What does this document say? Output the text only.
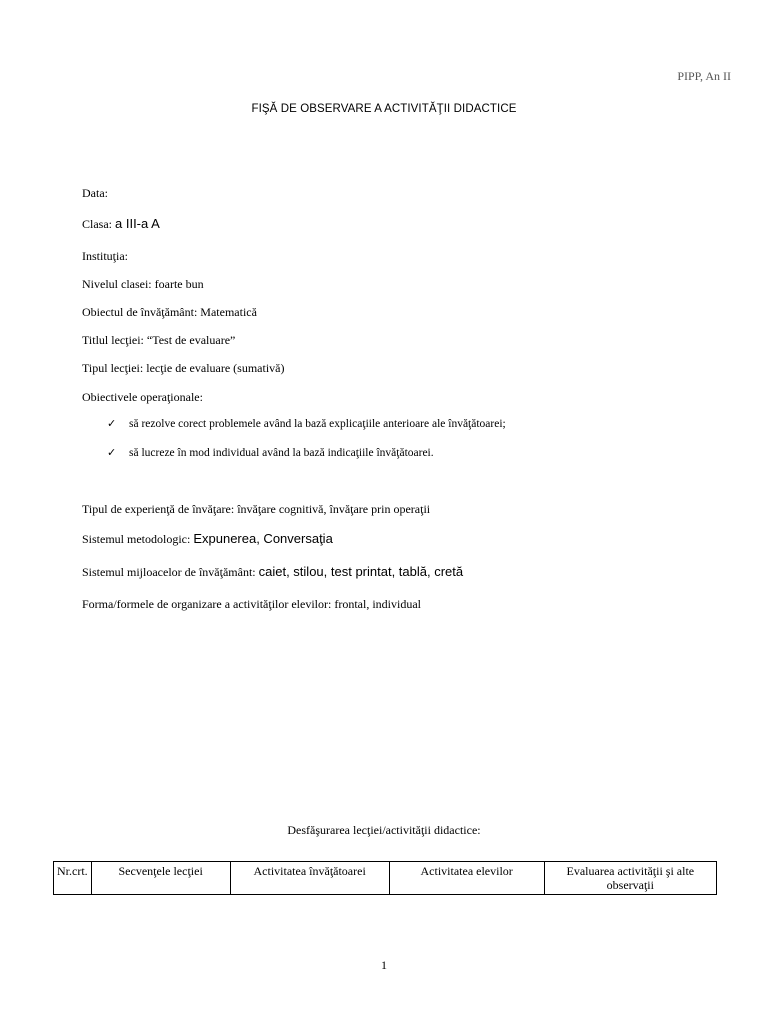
PIPP, An II
FIŞĂ DE OBSERVARE A ACTIVITĂŢII DIDACTICE
Data:
Clasa: a III-a A
Instituţia:
Nivelul clasei: foarte bun
Obiectul de învăţământ: Matematică
Titlul lecţiei: “Test de evaluare”
Tipul lecţiei: lecţie de evaluare (sumativă)
Obiectivele operaţionale:
✓ să rezolve corect problemele având la bază explicaţiile anterioare ale învăţătoarei;
✓ să lucreze în mod individual având la bază indicaţiile învăţătoarei.
Tipul de experienţă de învăţare: învăţare cognitivă, învăţare prin operaţii
Sistemul metodologic: Expunerea, Conversaţia
Sistemul mijloacelor de învăţământ: caiet, stilou, test printat, tablă, cretă
Forma/formele de organizare a activităţilor elevilor: frontal, individual
Desfăşurarea lecţiei/activităţii didactice:
Nr.crt.	Secvenţele lecţiei	Activitatea învăţătoarei	Activitatea elevilor	Evaluarea activităţii şi alte observaţii
1
